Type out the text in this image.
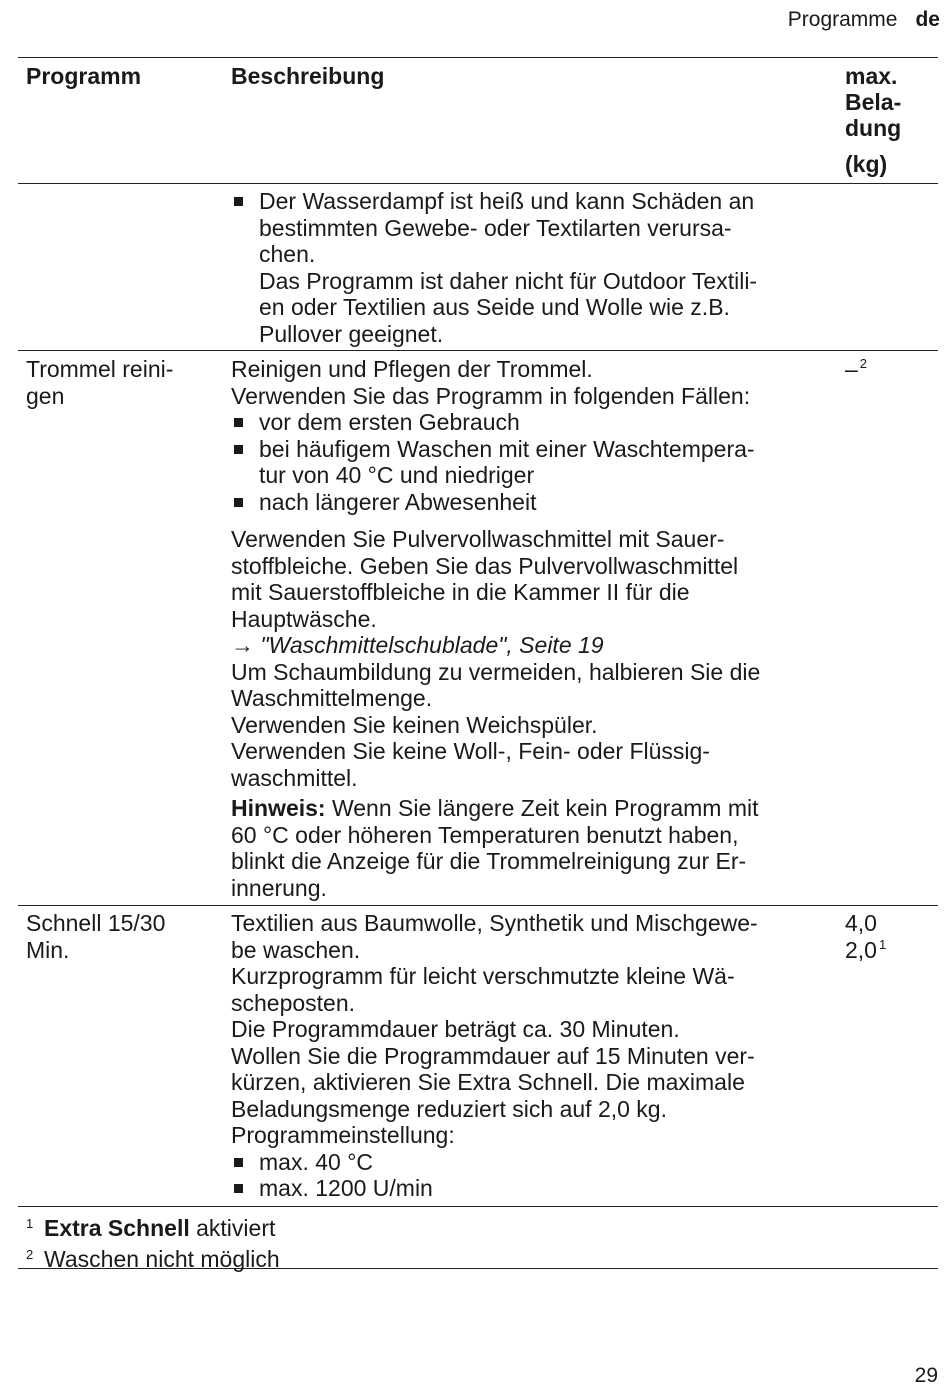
Programme de
Programm	Beschreibung	max.
Bela-
dung
(kg)
Der Wasserdampf ist heiß und kann Schäden an
bestimmten Gewebe- oder Textilarten verursa-
chen.
Das Programm ist daher nicht für Outdoor Textili-
en oder Textilien aus Seide und Wolle wie z.B.
Pullover geeignet.
Trommel reini-
gen
– $^2$
Reinigen und Pflegen der Trommel.
Verwenden Sie das Programm in folgenden Fällen:
vor dem ersten Gebrauch
bei häufigem Waschen mit einer Waschtempera-
tur von 40 °C und niedriger
nach längerer Abwesenheit
Verwenden Sie Pulvervollwaschmittel mit Sauer-
stoffbleiche. Geben Sie das Pulvervollwaschmittel
mit Sauerstoffbleiche in die Kammer II für die
Hauptwäsche.
→ "Waschmittelschublade", Seite 19
Um Schaumbildung zu vermeiden, halbieren Sie die
Waschmittelmenge.
Verwenden Sie keinen Weichspüler.
Verwenden Sie keine Woll-, Fein- oder Flüssig-
waschmittel.
Hinweis: Wenn Sie längere Zeit kein Programm mit
60 °C oder höheren Temperaturen benutzt haben,
blinkt die Anzeige für die Trommelreinigung zur Er-
innerung.
Schnell 15/30
Min.
4,0
2,0 $^1$
Textilien aus Baumwolle, Synthetik und Mischgewe-
be waschen.
Kurzprogramm für leicht verschmutzte kleine Wä-
scheposten.
Die Programmdauer beträgt ca. 30 Minuten.
Wollen Sie die Programmdauer auf 15 Minuten ver-
kürzen, aktivieren Sie Extra Schnell. Die maximale
Beladungsmenge reduziert sich auf 2,0 kg.
Programmeinstellung:
max. 40 °C
max. 1200 U/min
1 Extra Schnell aktiviert
2 Waschen nicht möglich
29
